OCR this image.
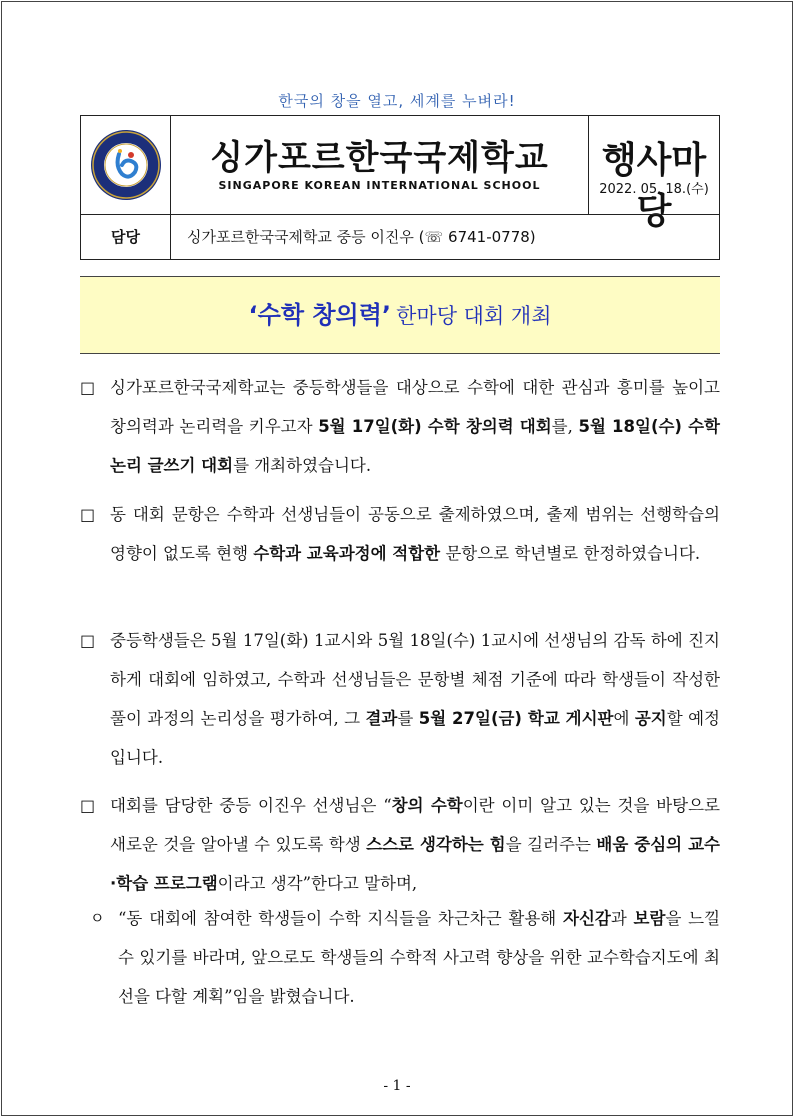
한국의 창을 열고, 세계를 누벼라!
싱가포르한국국제학교
SINGAPORE KOREAN INTERNATIONAL SCHOOL
행사마당
2022. 05. 18.(수)
담당	싱가포르한국국제학교 중등 이진우 (☏ 6741-0778)
‘수학 창의력’ 한마당 대회 개최
□ 싱가포르한국국제학교는 중등학생들을 대상으로 수학에 대한 관심과 흥미를 높이고 창의력과 논리력을 키우고자 5월 17일(화) 수학 창의력 대회를, 5월 18일(수) 수학 논리 글쓰기 대회를 개최하였습니다.
□ 동 대회 문항은 수학과 선생님들이 공동으로 출제하였으며, 출제 범위는 선행학습의 영향이 없도록 현행 수학과 교육과정에 적합한 문항으로 학년별로 한정하였습니다.
□ 중등학생들은 5월 17일(화) 1교시와 5월 18일(수) 1교시에 선생님의 감독 하에 진지하게 대회에 임하였고, 수학과 선생님들은 문항별 체점 기준에 따라 학생들이 작성한 풀이 과정의 논리성을 평가하여, 그 결과를 5월 27일(금) 학교 게시판에 공지할 예정입니다.
□ 대회를 담당한 중등 이진우 선생님은 “창의 수학이란 이미 알고 있는 것을 바탕으로 새로운 것을 알아낼 수 있도록 학생 스스로 생각하는 힘을 길러주는 배움 중심의 교수·학습 프로그램이라고 생각”한다고 말하며,
ㅇ “동 대회에 참여한 학생들이 수학 지식들을 차근차근 활용해 자신감과 보람을 느낄 수 있기를 바라며, 앞으로도 학생들의 수학적 사고력 향상을 위한 교수학습지도에 최선을 다할 계획”임을 밝혔습니다.
- 1 -
